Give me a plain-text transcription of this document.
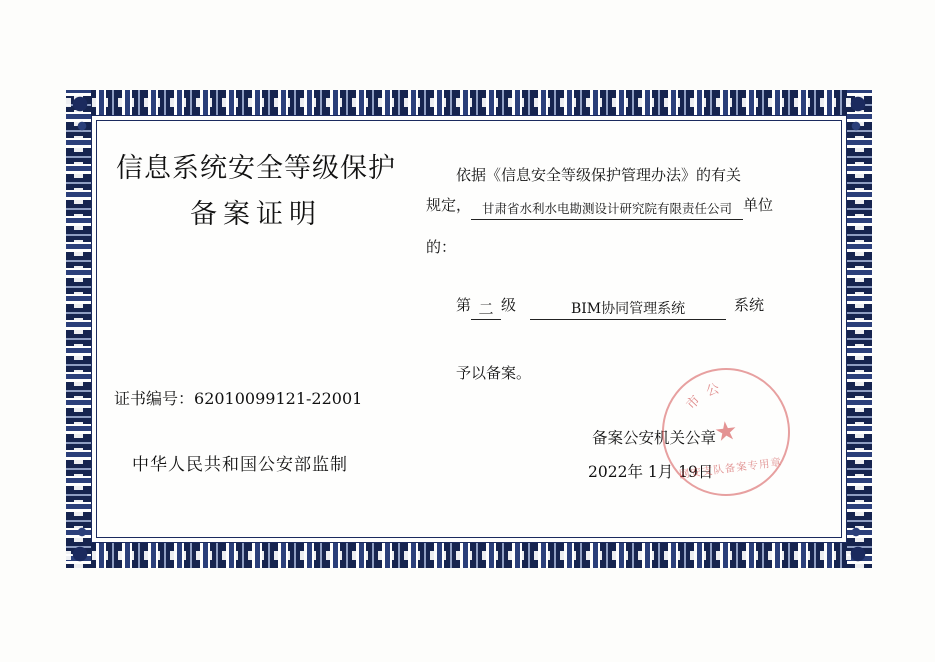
信息系统安全等级保护
备案证明
证书编号：62010099121-22001
中华人民共和国公安部监制
依据《信息安全等级保护管理办法》的有关
规定， 甘肃省水利水电勘测设计研究院有限责任公司 单位
的：
第 二 级	BIM协同管理系统	系统
予以备案。
备案公安机关公章
2022年 1月 19日
市 公
★
网安支队备案专用章
